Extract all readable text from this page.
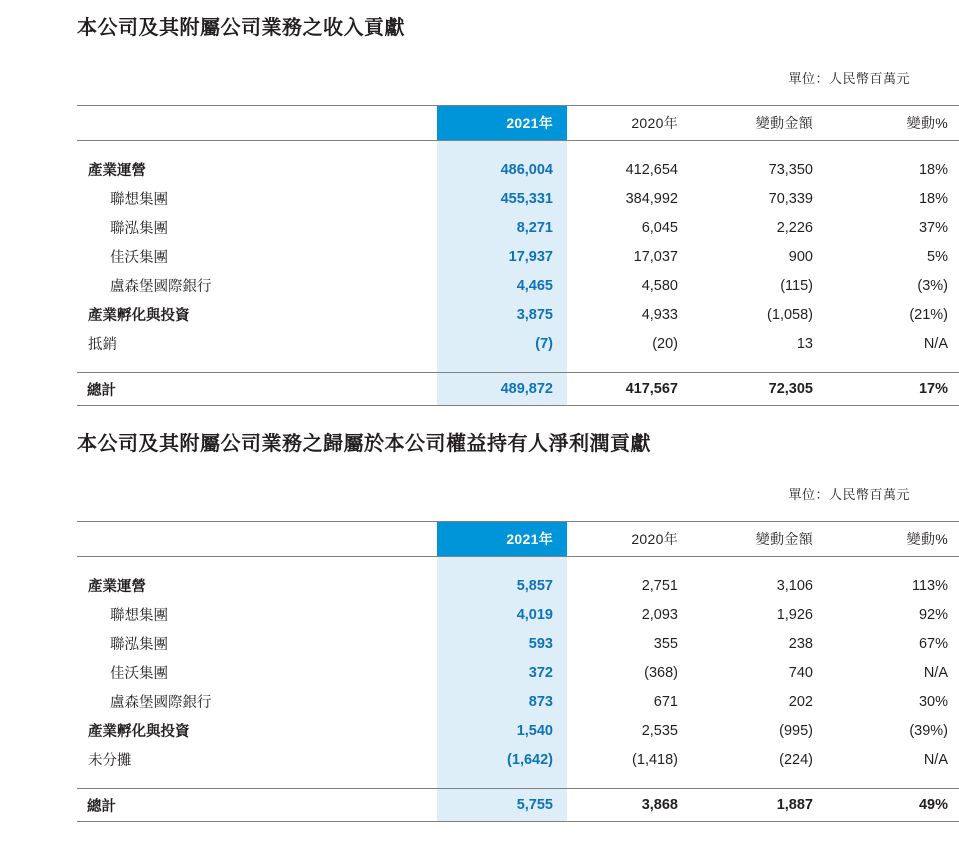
本公司及其附屬公司業務之收入貢獻
單位：人民幣百萬元

	2021年	2020年	變動金額	變動%

產業運營	486,004	412,654	73,350	18%
聯想集團	455,331	384,992	70,339	18%
聯泓集團	8,271	6,045	2,226	37%
佳沃集團	17,937	17,037	900	5%
盧森堡國際銀行	4,465	4,580	(115)	(3%)
產業孵化與投資	3,875	4,933	(1,058)	(21%)
抵銷	(7)	(20)	13	N/A

總計	489,872	417,567	72,305	17%

本公司及其附屬公司業務之歸屬於本公司權益持有人淨利潤貢獻
單位：人民幣百萬元

	2021年	2020年	變動金額	變動%

產業運營	5,857	2,751	3,106	113%
聯想集團	4,019	2,093	1,926	92%
聯泓集團	593	355	238	67%
佳沃集團	372	(368)	740	N/A
盧森堡國際銀行	873	671	202	30%
產業孵化與投資	1,540	2,535	(995)	(39%)
未分攤	(1,642)	(1,418)	(224)	N/A

總計	5,755	3,868	1,887	49%
